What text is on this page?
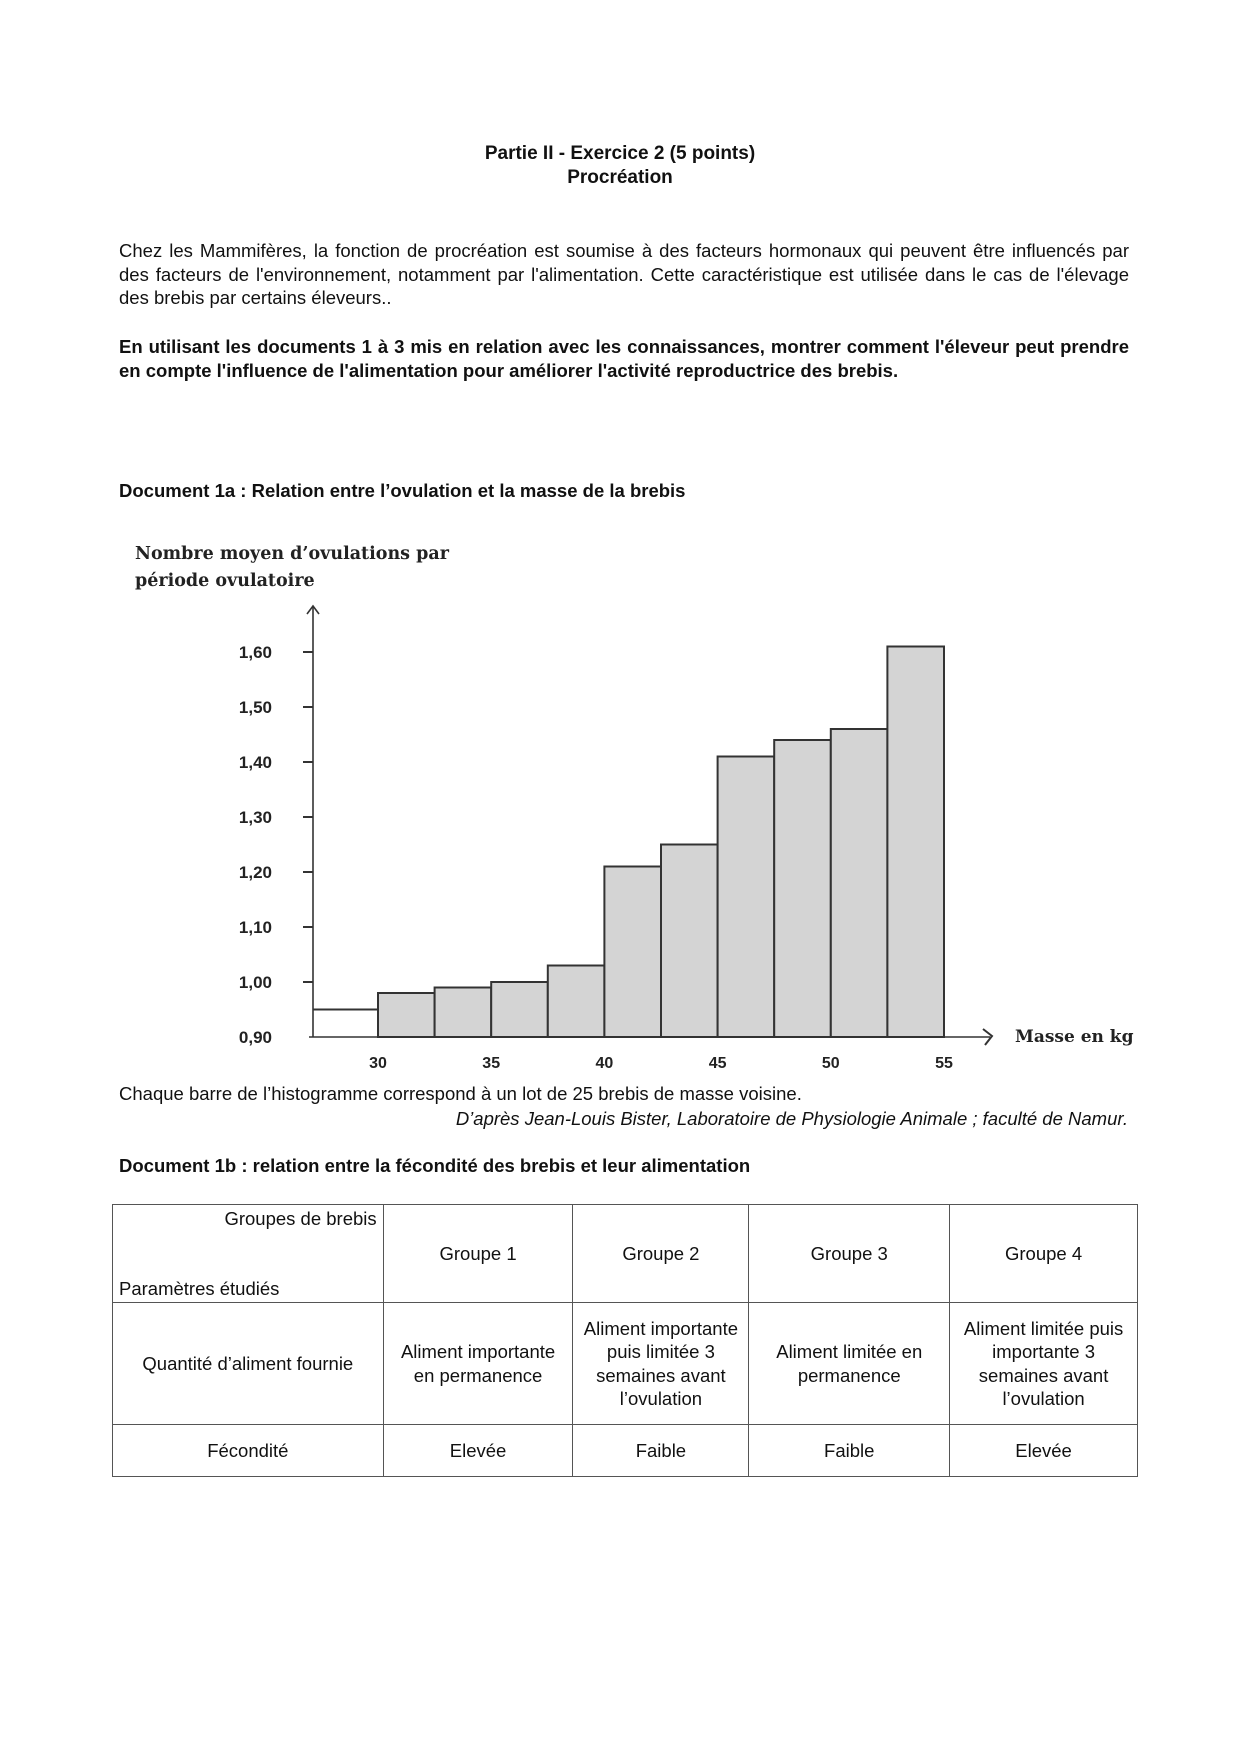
Partie II - Exercice 2 (5 points)
Procréation
Chez les Mammifères, la fonction de procréation est soumise à des facteurs hormonaux qui peuvent être influencés par des facteurs de l'environnement, notamment par l'alimentation. Cette caractéristique est utilisée dans le cas de l'élevage des brebis par certains éleveurs..
En utilisant les documents 1 à 3 mis en relation avec les connaissances, montrer comment l'éleveur peut prendre en compte l'influence de l'alimentation pour améliorer l'activité reproductrice des brebis.
Document 1a : Relation entre l’ovulation et la masse de la brebis
Nombre moyen d’ovulations par
période ovulatoire
0,90
1,00
1,10
1,20
1,30
1,40
1,50
1,60
30	35	40	45	50	55
Masse en kg
Chaque barre de l’histogramme correspond à un lot de 25 brebis de masse voisine.
D’après Jean-Louis Bister, Laboratoire de Physiologie Animale ; faculté de Namur.
Document 1b : relation entre la fécondité des brebis et leur alimentation
Groupes de brebis
Paramètres étudiés	Groupe 1	Groupe 2	Groupe 3	Groupe 4
Quantité d’aliment fournie	Aliment importante en permanence	Aliment importante puis limitée 3 semaines avant l’ovulation	Aliment limitée en permanence	Aliment limitée puis importante 3 semaines avant l’ovulation
Fécondité	Elevée	Faible	Faible	Elevée
